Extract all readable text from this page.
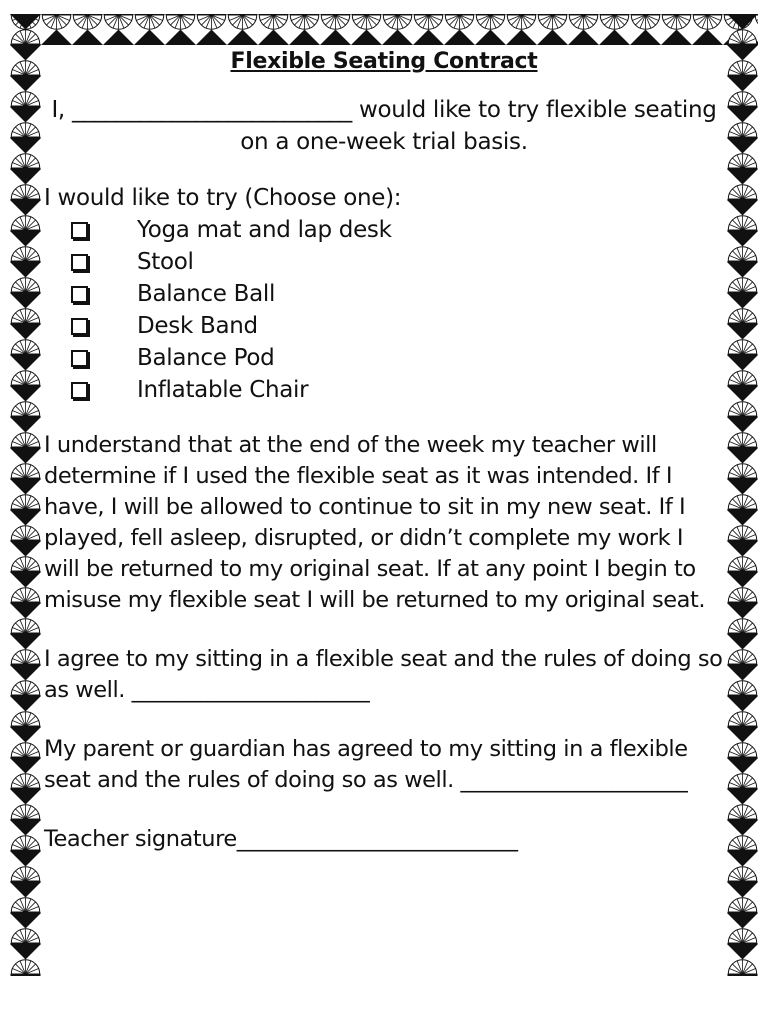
Flexible Seating Contract

I, _________________________ would like to try flexible seating on a one-week trial basis.

I would like to try (Choose one):

Yoga mat and lap desk
Stool
Balance Ball
Desk Band
Balance Pod
Inflatable Chair

I understand that at the end of the week my teacher will determine if I used the flexible seat as it was intended. If I have, I will be allowed to continue to sit in my new seat. If I played, fell asleep, disrupted, or didn’t complete my work I will be returned to my original seat. If at any point I begin to misuse my flexible seat I will be returned to my original seat.

I agree to my sitting in a flexible seat and the rules of doing so as well. ______________________

My parent or guardian has agreed to my sitting in a flexible seat and the rules of doing so as well. _____________________

Teacher signature__________________________
